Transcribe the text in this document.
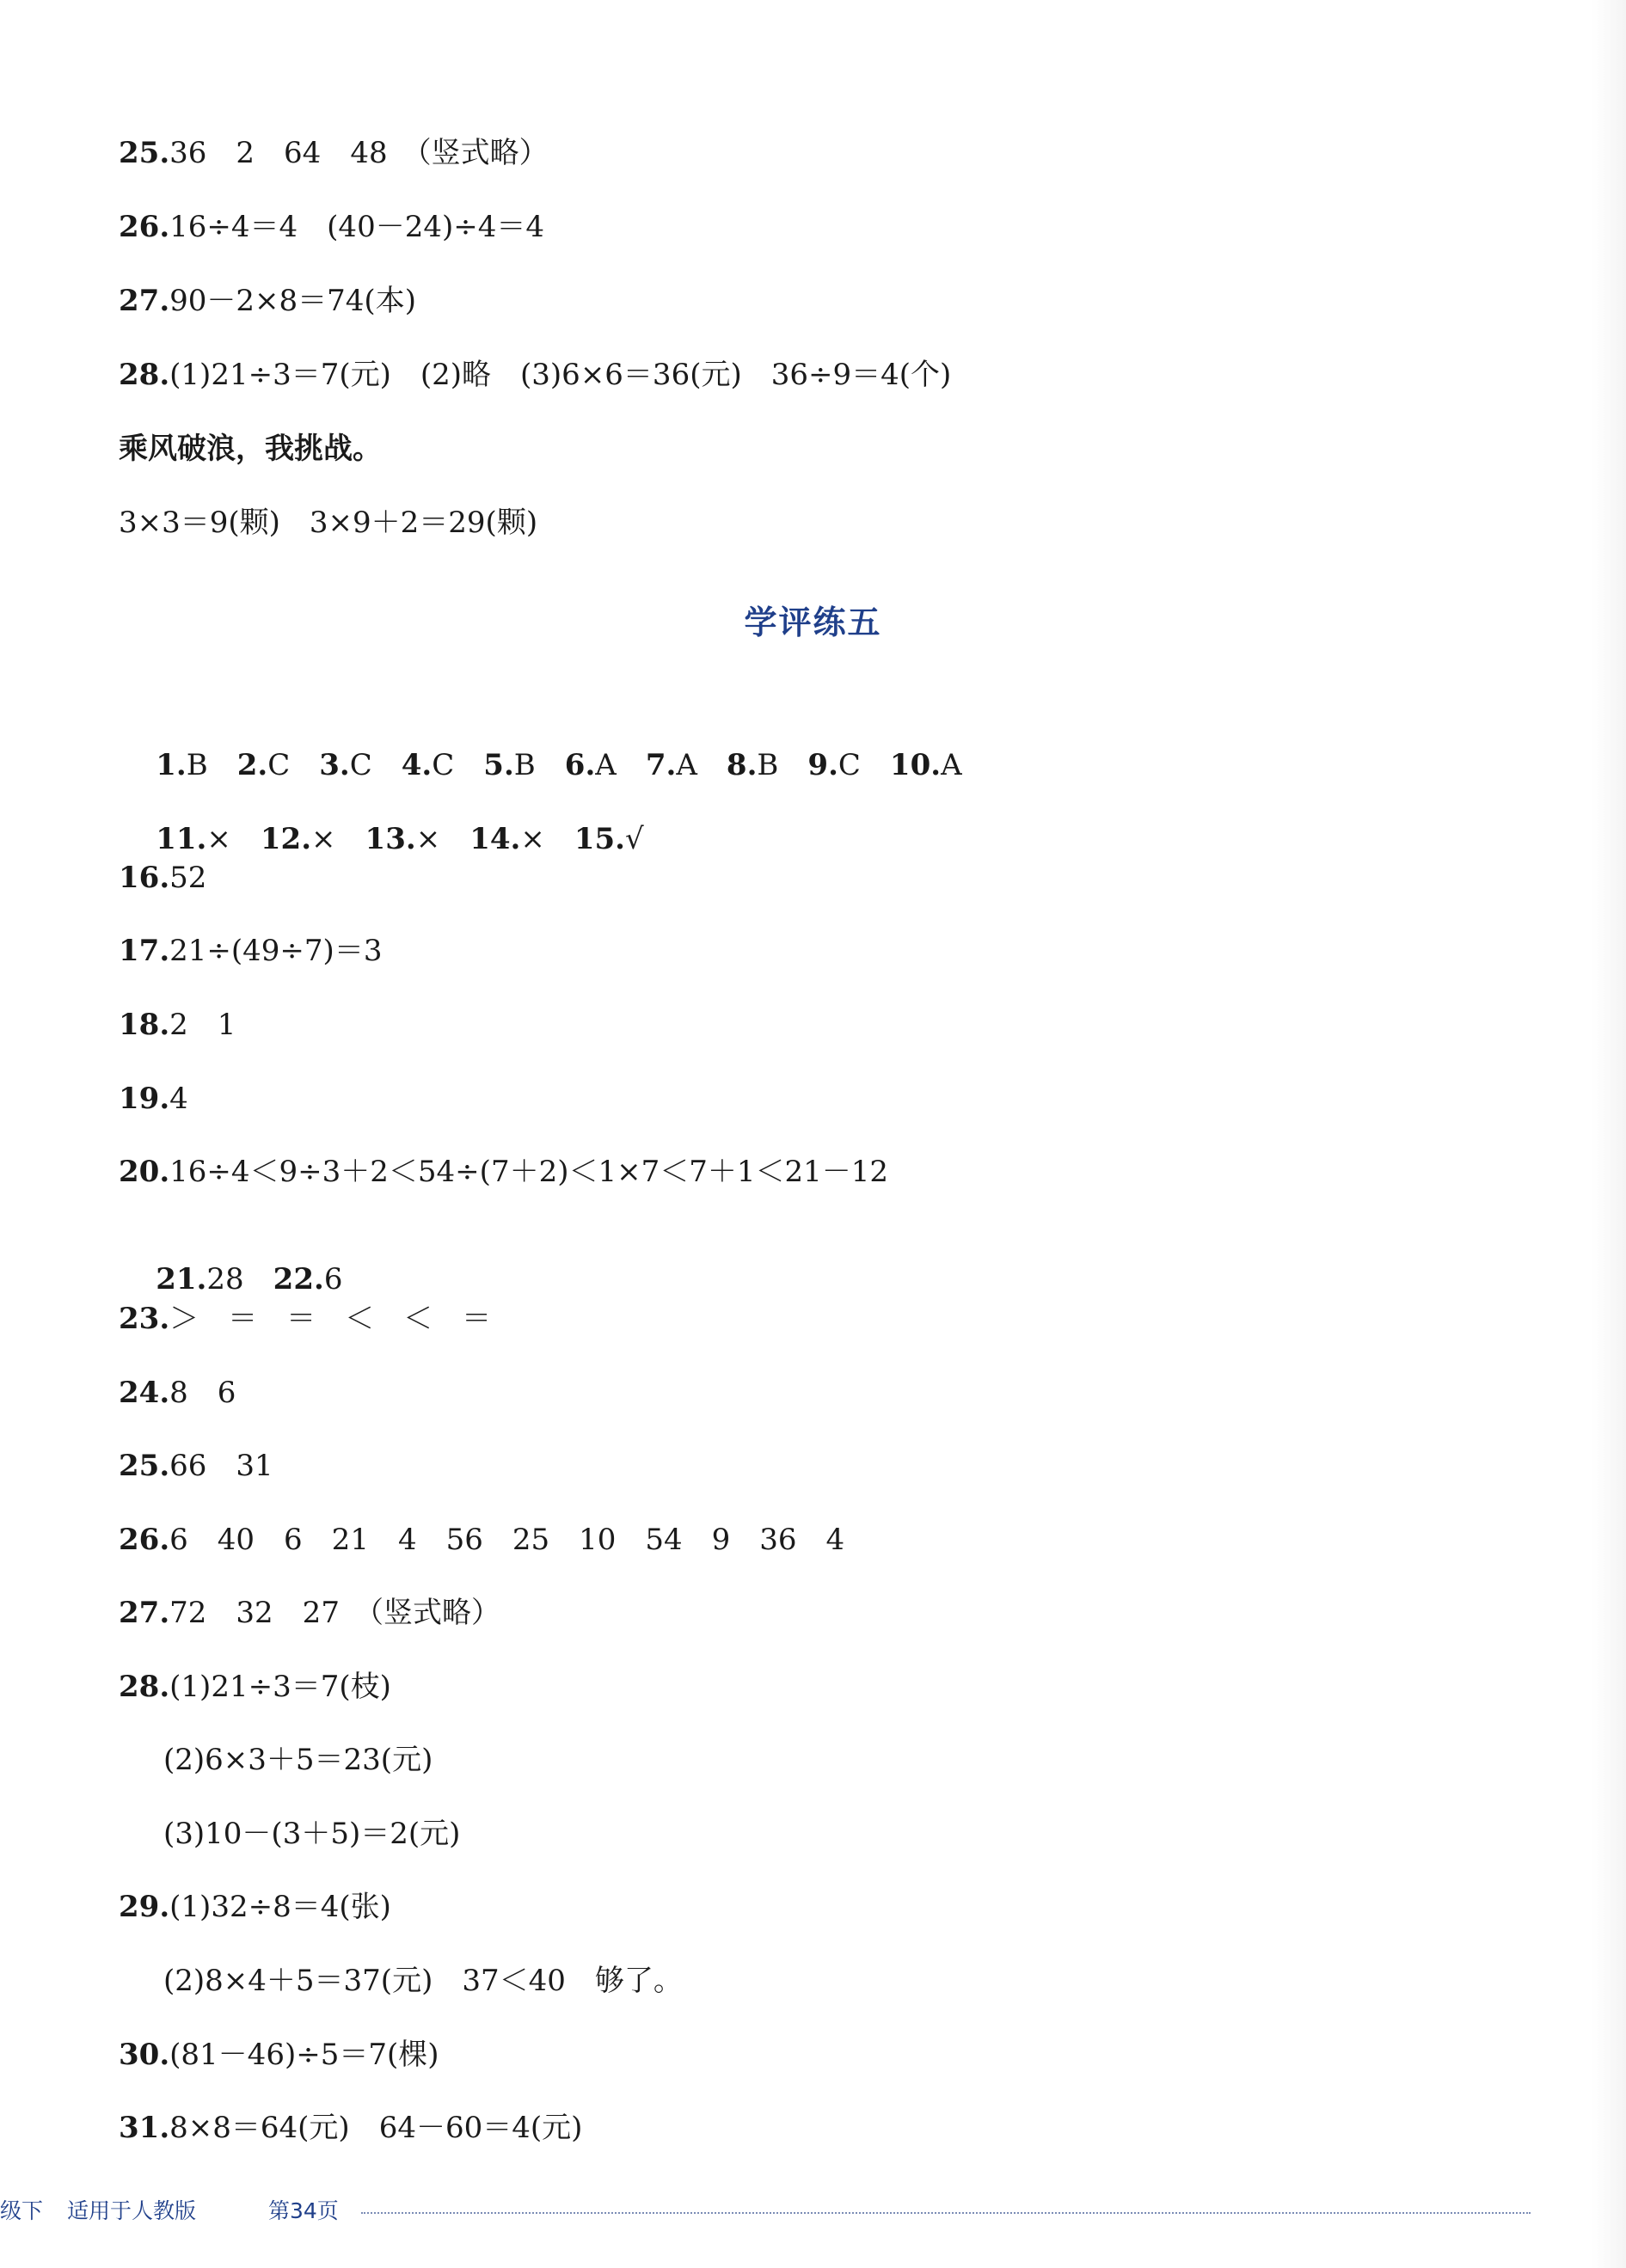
25.36　2　64　48　（竖式略）
26.16÷4＝4　(40－24)÷4＝4
27.90－2×8＝74(本)
28.(1)21÷3＝7(元)　(2)略　(3)6×6＝36(元)　36÷9＝4(个)
乘风破浪，我挑战。
3×3＝9(颗)　3×9＋2＝29(颗)
学评练五

1.B　2.C　3.C　4.C　5.B　6.A　7.A　8.B　9.C　10.A

11.×　12.×　13.×　14.×　15.√

16.52
17.21÷(49÷7)＝3
18.2　1
19.4
20.16÷4＜9÷3＋2＜54÷(7＋2)＜1×7＜7＋1＜21－12

21.28　22.6

23.＞　＝　＝　＜　＜　＝
24.8　6
25.66　31
26.6　40　6　21　4　56　25　10　54　9　36　4
27.72　32　27　（竖式略）
28.(1)21÷3＝7(枝)
(2)6×3＋5＝23(元)
(3)10－(3＋5)＝2(元)
29.(1)32÷8＝4(张)
(2)8×4＋5＝37(元)　37＜40　够了。
30.(81－46)÷5＝7(棵)
31.8×8＝64(元)　64－60＝4(元)
级下 适用于人教版	第34页
